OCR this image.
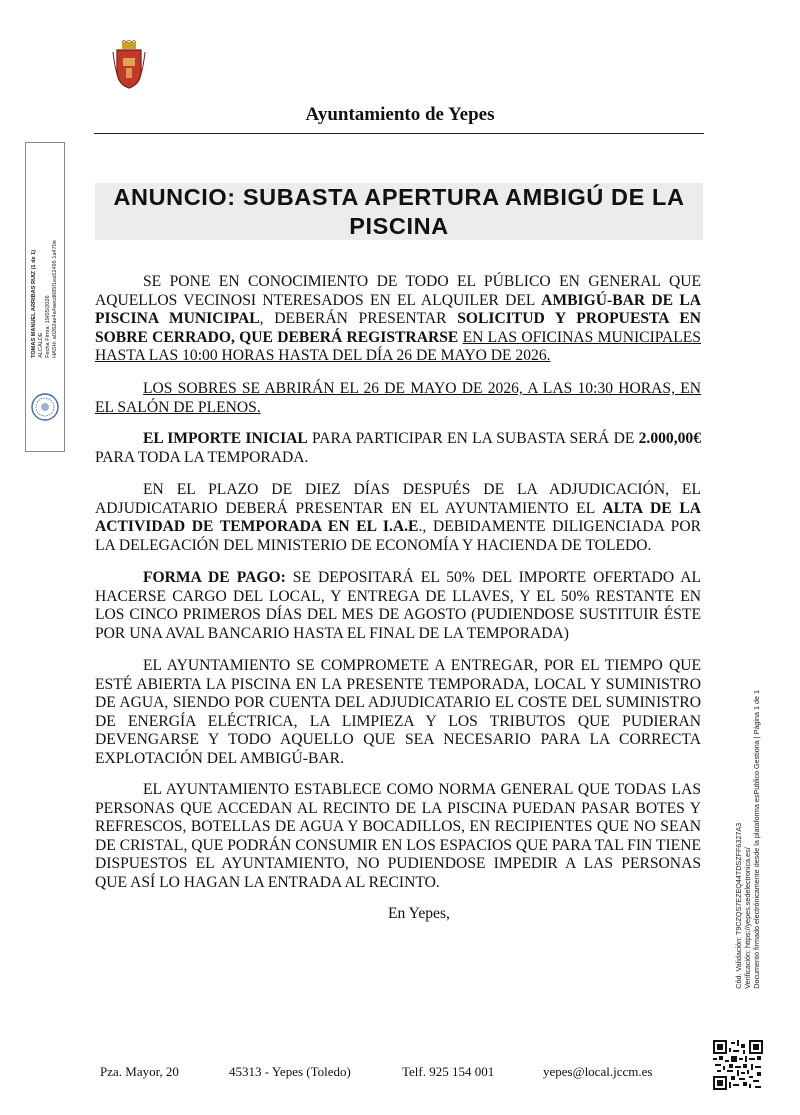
Ayuntamiento de Yepes
TOMAS MANUEL ARRIBAS RUIZ (1 de 1) ALCALDE Fecha Firma: 19/05/2026 HASH: a0262ae4a4aecd685f1ea52495 1a470e
ANUNCIO: SUBASTA APERTURA AMBIGÚ DE LA PISCINA
SE PONE EN CONOCIMIENTO DE TODO EL PÚBLICO EN GENERAL QUE AQUELLOS VECINOSI NTERESADOS EN EL ALQUILER DEL AMBIGÚ-BAR DE LA PISCINA MUNICIPAL, DEBERÁN PRESENTAR SOLICITUD Y PROPUESTA EN SOBRE CERRADO, QUE DEBERÁ REGISTRARSE EN LAS OFICINAS MUNICIPALES HASTA LAS 10:00 HORAS HASTA DEL DÍA 26 DE MAYO DE 2026.
LOS SOBRES SE ABRIRÁN EL 26 DE MAYO DE 2026, A LAS 10:30 HORAS, EN EL SALÓN DE PLENOS.
EL IMPORTE INICIAL PARA PARTICIPAR EN LA SUBASTA SERÁ DE 2.000,00€ PARA TODA LA TEMPORADA.
EN EL PLAZO DE DIEZ DÍAS DESPUÉS DE LA ADJUDICACIÓN, EL ADJUDICATARIO DEBERÁ PRESENTAR EN EL AYUNTAMIENTO EL ALTA DE LA ACTIVIDAD DE TEMPORADA EN EL I.A.E., DEBIDAMENTE DILIGENCIADA POR LA DELEGACIÓN DEL MINISTERIO DE ECONOMÍA Y HACIENDA DE TOLEDO.
FORMA DE PAGO: SE DEPOSITARÁ EL 50% DEL IMPORTE OFERTADO AL HACERSE CARGO DEL LOCAL, Y ENTREGA DE LLAVES, Y EL 50% RESTANTE EN LOS CINCO PRIMEROS DÍAS DEL MES DE AGOSTO (PUDIENDOSE SUSTITUIR ÉSTE POR UNA AVAL BANCARIO HASTA EL FINAL DE LA TEMPORADA)
EL AYUNTAMIENTO SE COMPROMETE A ENTREGAR, POR EL TIEMPO QUE ESTÉ ABIERTA LA PISCINA EN LA PRESENTE TEMPORADA, LOCAL Y SUMINISTRO DE AGUA, SIENDO POR CUENTA DEL ADJUDICATARIO EL COSTE DEL SUMINISTRO DE ENERGÍA ELÉCTRICA, LA LIMPIEZA Y LOS TRIBUTOS QUE PUDIERAN DEVENGARSE Y TODO AQUELLO QUE SEA NECESARIO PARA LA CORRECTA EXPLOTACIÓN DEL AMBIGÚ-BAR.
EL AYUNTAMIENTO ESTABLECE COMO NORMA GENERAL QUE TODAS LAS PERSONAS QUE ACCEDAN AL RECINTO DE LA PISCINA PUEDAN PASAR BOTES Y REFRESCOS, BOTELLAS DE AGUA Y BOCADILLOS, EN RECIPIENTES QUE NO SEAN DE CRISTAL, QUE PODRÁN CONSUMIR EN LOS ESPACIOS QUE PARA TAL FIN TIENE DISPUESTOS EL AYUNTAMIENTO, NO PUDIENDOSE IMPEDIR A LAS PERSONAS QUE ASÍ LO HAGAN LA ENTRADA AL RECINTO.
En Yepes,	Cód. Validación: T9CZQS7EZEQ44TDSZFF6327A3 Verificación: https://yepes.sedelectronica.es/ Documento firmado electrónicamente desde la plataforma esPublico Gestiona | Página 1 de 1
Pza. Mayor, 20	45313 - Yepes (Toledo)	Telf. 925 154 001	yepes@local.jccm.es
